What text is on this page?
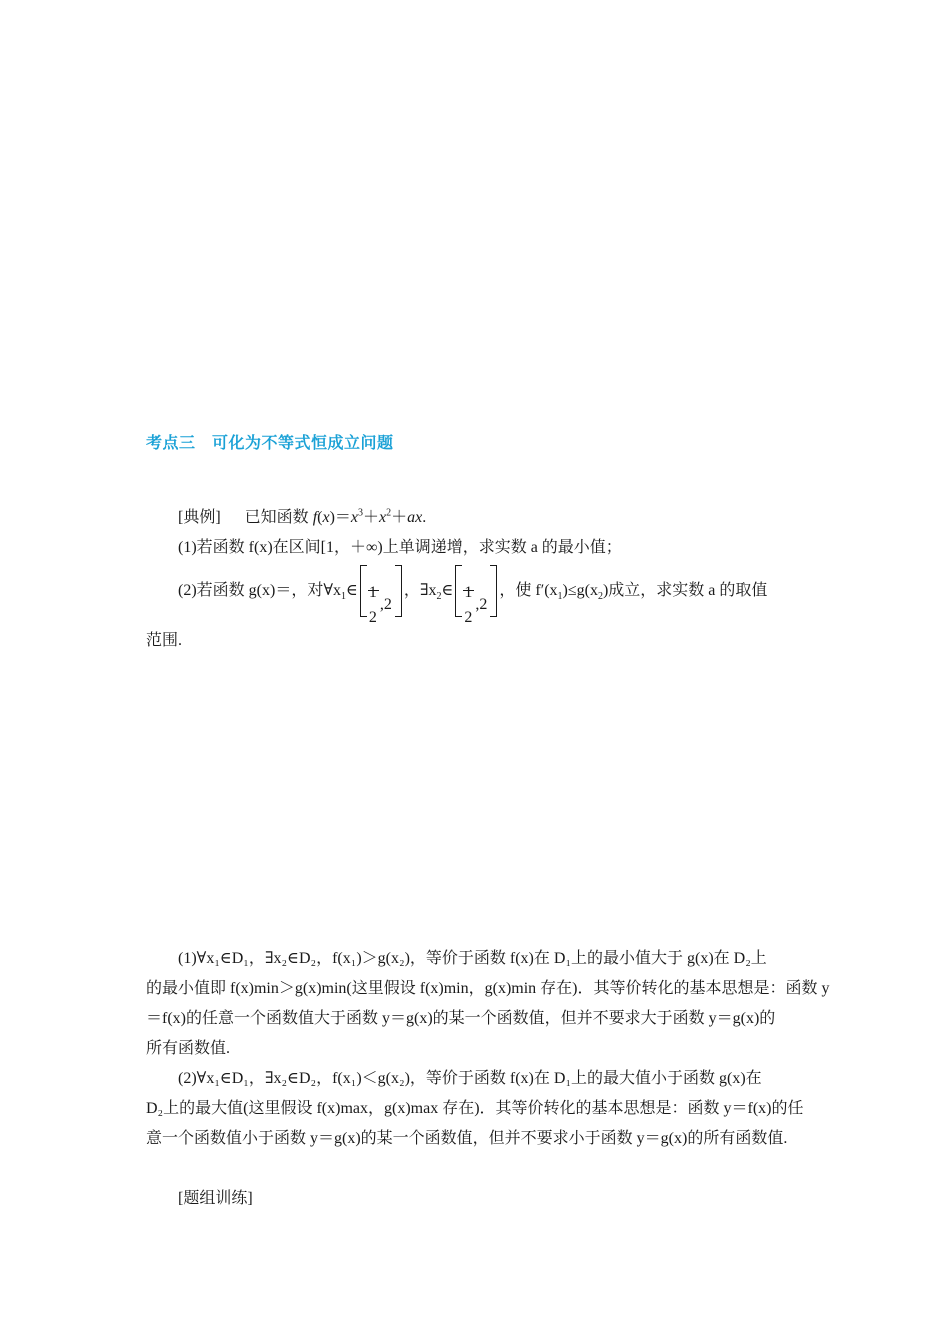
考点三　可化为不等式恒成立问题
[典例] 已知函数 $f(x)=x^3+x^2+ax$.
(1)若函数 f(x)在区间[1，＋∞)上单调递增，求实数 a 的最小值；
(2)若函数 g(x)＝，对$\forall x_1\in$ 1
2
,2
，$\exists x_2\in$ 1
2
,2
，使 $f'(x_1)\le g(x_2)$成立，求实数 a 的取值
范围.
(1)∀x₁∈D₁，∃x₂∈D₂，f(x₁)＞g(x₂)，等价于函数 f(x)在 D₁上的最小值大于 g(x)在 D₂上
的最小值即 f(x)min＞g(x)min(这里假设 f(x)min，g(x)min 存在)．其等价转化的基本思想是：函数 y
＝f(x)的任意一个函数值大于函数 y＝g(x)的某一个函数值，但并不要求大于函数 y＝g(x)的
所有函数值.
(2)∀x₁∈D₁，∃x₂∈D₂，f(x₁)＜g(x₂)，等价于函数 f(x)在 D₁上的最大值小于函数 g(x)在
D₂上的最大值(这里假设 f(x)max，g(x)max 存在)．其等价转化的基本思想是：函数 y＝f(x)的任
意一个函数值小于函数 y＝g(x)的某一个函数值，但并不要求小于函数 y＝g(x)的所有函数值.
[题组训练]
